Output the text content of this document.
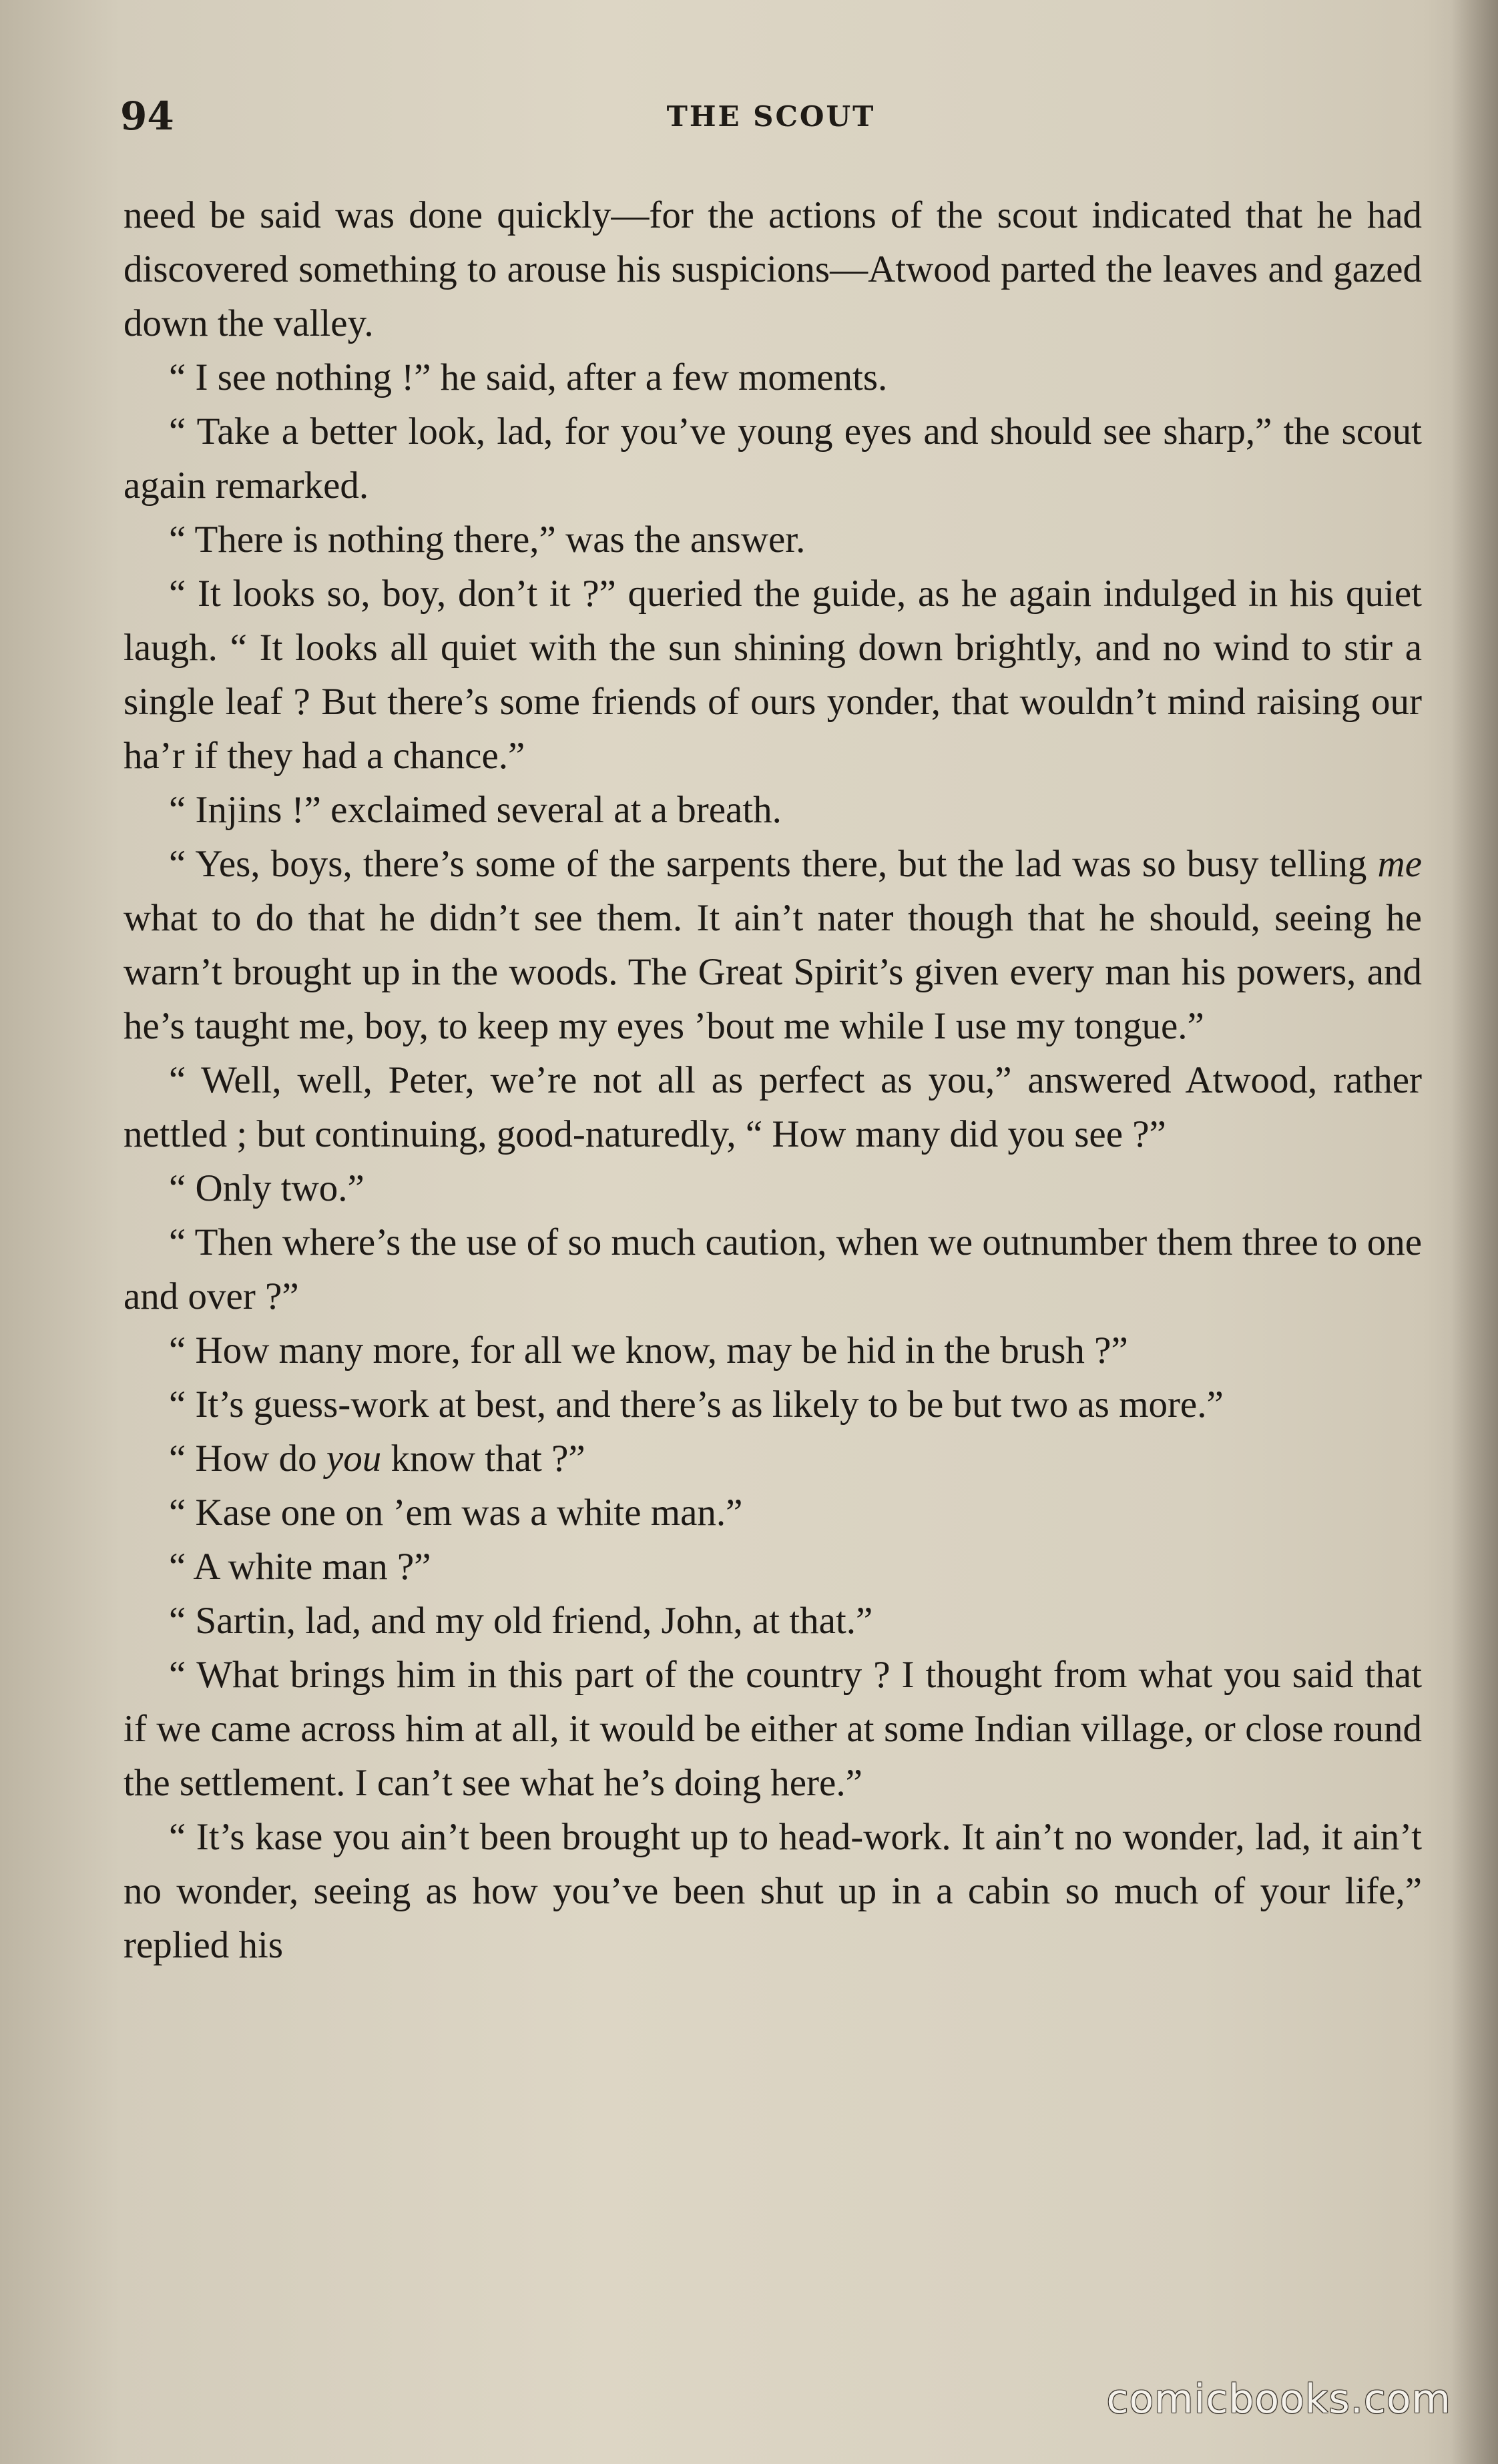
94	THE SCOUT

need be said was done quickly—for the actions of the scout indicated that he had discovered something to arouse his suspicions—Atwood parted the leaves and gazed down the valley.

“ I see nothing !” he said, after a few moments.

“ Take a better look, lad, for you’ve young eyes and should see sharp,” the scout again remarked.

“ There is nothing there,” was the answer.

“ It looks so, boy, don’t it ?” queried the guide, as he again indulged in his quiet laugh. “ It looks all quiet with the sun shining down brightly, and no wind to stir a single leaf ? But there’s some friends of ours yonder, that wouldn’t mind raising our ha’r if they had a chance.”

“ Injins !” exclaimed several at a breath.

“ Yes, boys, there’s some of the sarpents there, but the lad was so busy telling me what to do that he didn’t see them. It ain’t nater though that he should, seeing he warn’t brought up in the woods. The Great Spirit’s given every man his powers, and he’s taught me, boy, to keep my eyes ’bout me while I use my tongue.”

“ Well, well, Peter, we’re not all as perfect as you,” answered Atwood, rather nettled ; but continuing, good-naturedly, “ How many did you see ?”

“ Only two.”

“ Then where’s the use of so much caution, when we outnumber them three to one and over ?”

“ How many more, for all we know, may be hid in the brush ?”

“ It’s guess-work at best, and there’s as likely to be but two as more.”

“ How do you know that ?”

“ Kase one on ’em was a white man.”

“ A white man ?”

“ Sartin, lad, and my old friend, John, at that.”

“ What brings him in this part of the country ? I thought from what you said that if we came across him at all, it would be either at some Indian village, or close round the settlement. I can’t see what he’s doing here.”

“ It’s kase you ain’t been brought up to head-work. It ain’t no wonder, lad, it ain’t no wonder, seeing as how you’ve been shut up in a cabin so much of your life,” replied his

comicbooks.com
